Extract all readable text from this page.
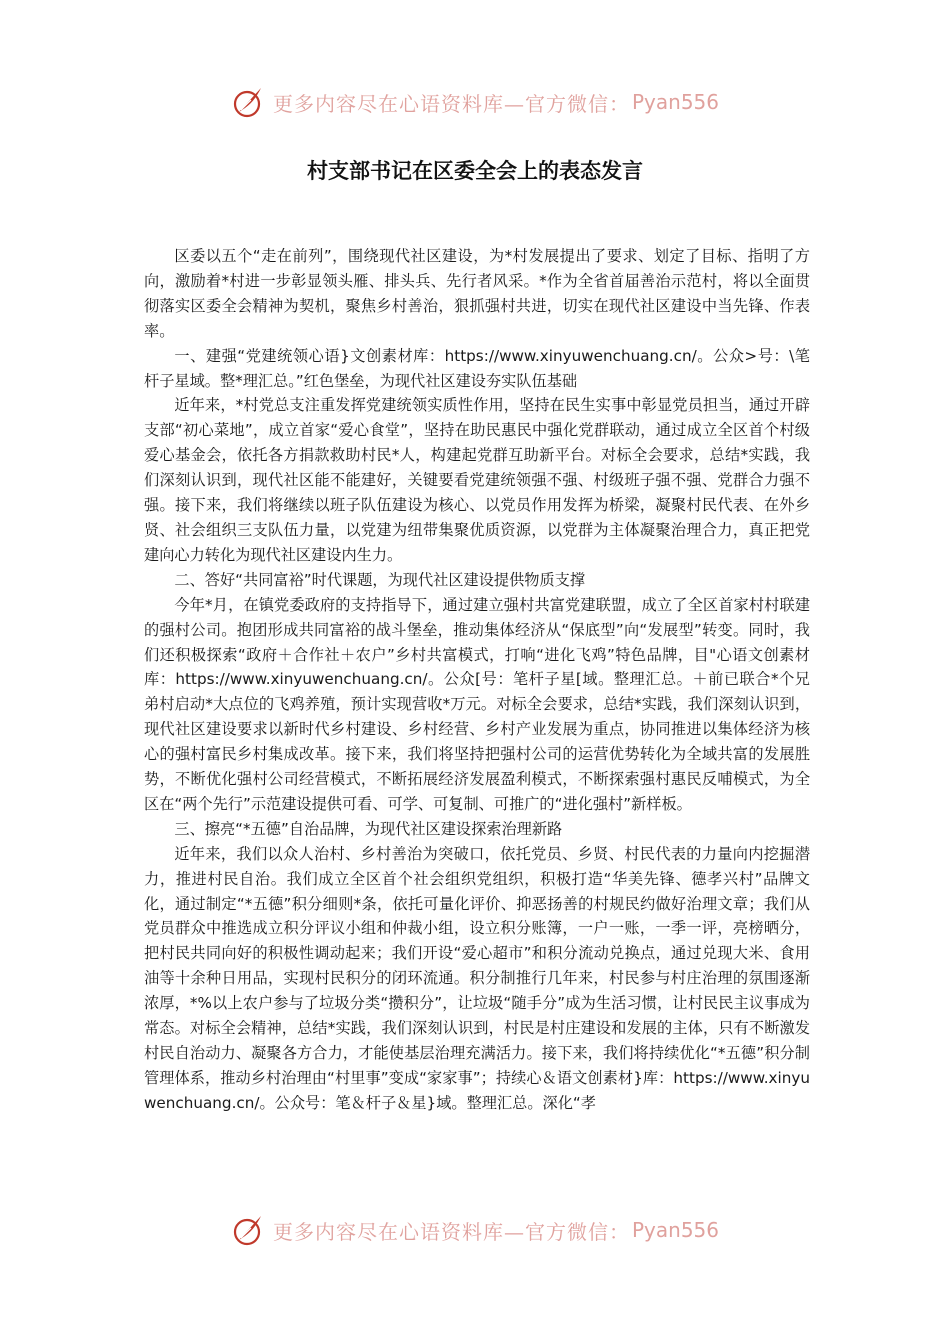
更多内容尽在心语资料库—官方微信： Pyan556
村支部书记在区委全会上的表态发言

区委以五个“走在前列”，围绕现代社区建设，为*村发展提出了要求、划定了目标、指明了方向，激励着*村进一步彰显领头雁、排头兵、先行者风采。*作为全省首届善治示范村，将以全面贯彻落实区委全会精神为契机，聚焦乡村善治，狠抓强村共进，切实在现代社区建设中当先锋、作表率。

一、建强“党建统领心语}文创素材库：https://www.xinyuwenchuang.cn/。公众>号：\笔杆子星域。整*理汇总。”红色堡垒，为现代社区建设夯实队伍基础

近年来，*村党总支注重发挥党建统领实质性作用，坚持在民生实事中彰显党员担当，通过开辟支部“初心菜地”，成立首家“爱心食堂”，坚持在助民惠民中强化党群联动，通过成立全区首个村级爱心基金会，依托各方捐款救助村民*人，构建起党群互助新平台。对标全会要求，总结*实践，我们深刻认识到，现代社区能不能建好，关键要看党建统领强不强、村级班子强不强、党群合力强不强。接下来，我们将继续以班子队伍建设为核心、以党员作用发挥为桥梁，凝聚村民代表、在外乡贤、社会组织三支队伍力量，以党建为纽带集聚优质资源，以党群为主体凝聚治理合力，真正把党建向心力转化为现代社区建设内生力。

二、答好“共同富裕”时代课题，为现代社区建设提供物质支撑

今年*月，在镇党委政府的支持指导下，通过建立强村共富党建联盟，成立了全区首家村村联建的强村公司。抱团形成共同富裕的战斗堡垒，推动集体经济从“保底型”向“发展型”转变。同时，我们还积极探索“政府＋合作社＋农户”乡村共富模式，打响“进化飞鸡”特色品牌，目"心语文创素材库：https://www.xinyuwenchuang.cn/。公众[号：笔杆子星[域。整理汇总。＋前已联合*个兄弟村启动*大点位的飞鸡养殖，预计实现营收*万元。对标全会要求，总结*实践，我们深刻认识到，现代社区建设要求以新时代乡村建设、乡村经营、乡村产业发展为重点，协同推进以集体经济为核心的强村富民乡村集成改革。接下来，我们将坚持把强村公司的运营优势转化为全域共富的发展胜势，不断优化强村公司经营模式，不断拓展经济发展盈利模式，不断探索强村惠民反哺模式，为全区在“两个先行”示范建设提供可看、可学、可复制、可推广的“进化强村”新样板。

三、擦亮“*五德”自治品牌，为现代社区建设探索治理新路

近年来，我们以众人治村、乡村善治为突破口，依托党员、乡贤、村民代表的力量向内挖掘潜力，推进村民自治。我们成立全区首个社会组织党组织，积极打造“华美先锋、德孝兴村”品牌文化，通过制定“*五德”积分细则*条，依托可量化评价、抑恶扬善的村规民约做好治理文章；我们从党员群众中推选成立积分评议小组和仲裁小组，设立积分账簿，一户一账，一季一评，亮榜晒分，把村民共同向好的积极性调动起来；我们开设“爱心超市”和积分流动兑换点，通过兑现大米、食用油等十余种日用品，实现村民积分的闭环流通。积分制推行几年来，村民参与村庄治理的氛围逐渐浓厚，*%以上农户参与了垃圾分类“攒积分”，让垃圾“随手分”成为生活习惯，让村民民主议事成为常态。对标全会精神，总结*实践，我们深刻认识到，村民是村庄建设和发展的主体，只有不断激发村民自治动力、凝聚各方合力，才能使基层治理充满活力。接下来，我们将持续优化“*五德”积分制管理体系，推动乡村治理由“村里事”变成“家家事”；持续心＆语文创素材}库：https://www.xinyuwenchuang.cn/。公众号：笔＆杆子＆星}域。整理汇总。深化“孝

更多内容尽在心语资料库—官方微信： Pyan556
